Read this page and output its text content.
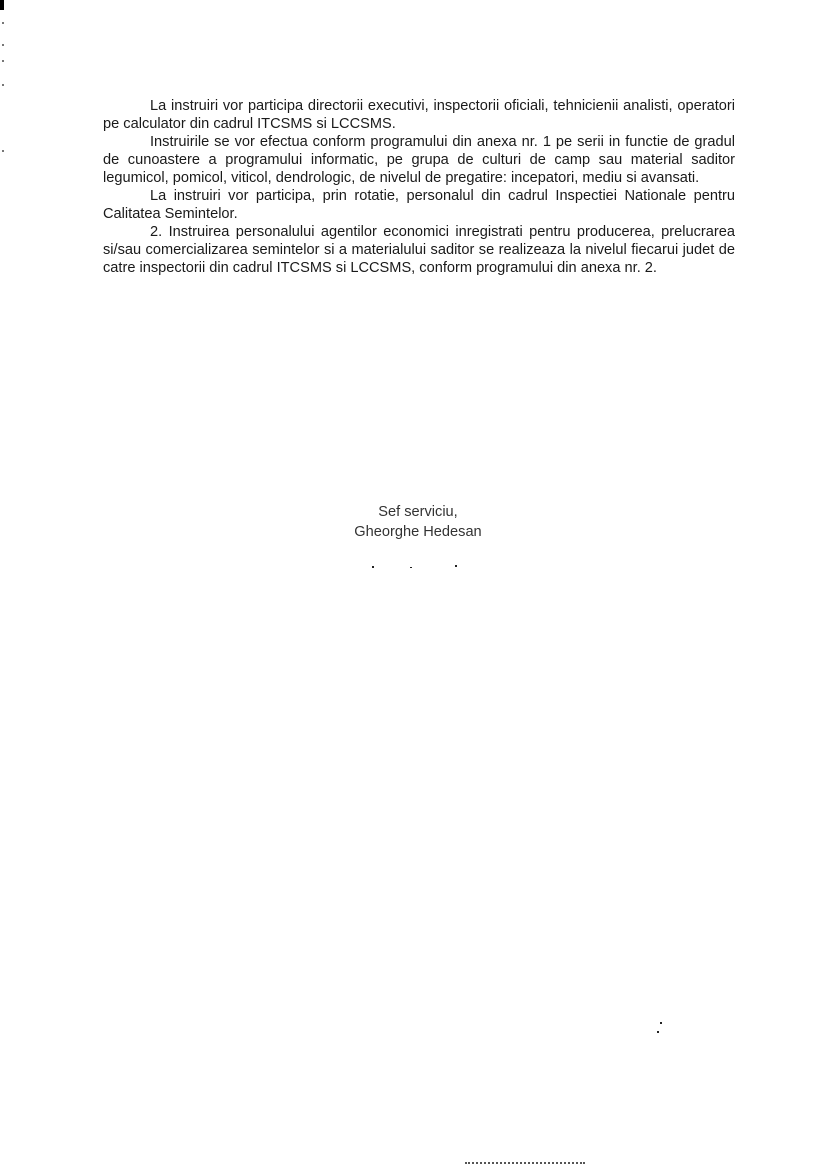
La instruiri vor participa directorii executivi, inspectorii oficiali, tehnicienii analisti, operatori pe calculator din cadrul ITCSMS si LCCSMS.

Instruirile se vor efectua conform programului din anexa nr. 1 pe serii in functie de gradul de cunoastere a programului informatic, pe grupa de culturi de camp sau material saditor legumicol, pomicol, viticol, dendrologic, de nivelul de pregatire: incepatori, mediu si avansati.

La instruiri vor participa, prin rotatie, personalul din cadrul Inspectiei Nationale pentru Calitatea Semintelor.

2. Instruirea personalului agentilor economici inregistrati pentru producerea, prelucrarea si/sau comercializarea semintelor si a materialului saditor se realizeaza la nivelul fiecarui judet de catre inspectorii din cadrul ITCSMS si LCCSMS, conform programului din anexa nr. 2.

Sef serviciu,
Gheorghe Hedesan
